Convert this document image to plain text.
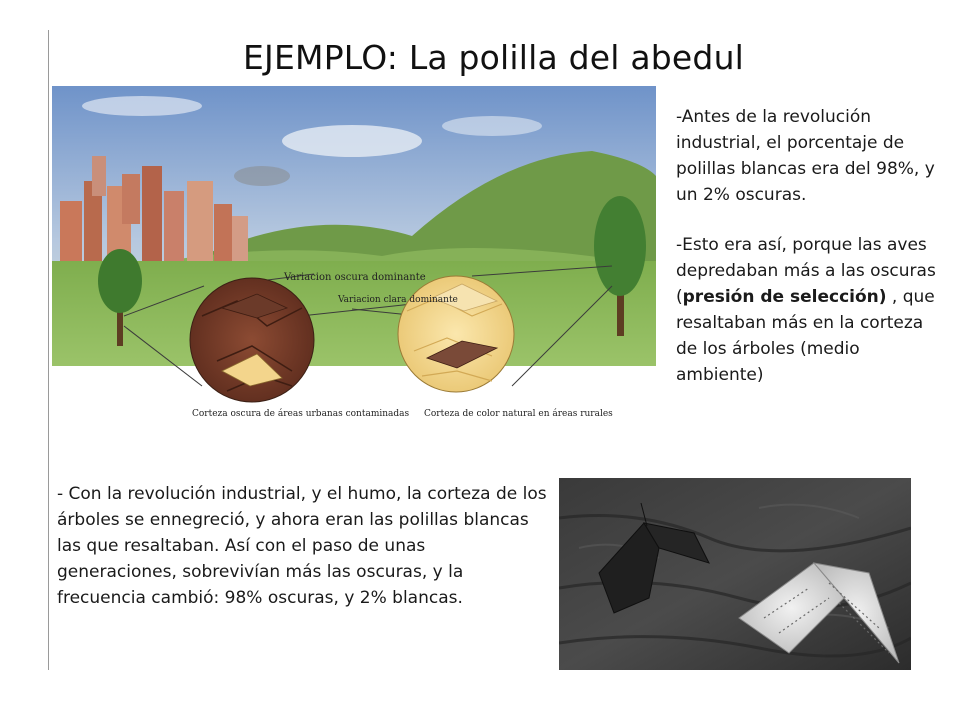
EJEMPLO: La polilla del abedul
Variacion oscura dominante
Variacion clara dominante
Corteza oscura de áreas urbanas contaminadas Corteza de color natural en áreas rurales

-Antes de la revolución industrial, el porcentaje de polillas blancas era del 98%, y un 2% oscuras.

-Esto era así, porque las aves depredaban más a las oscuras (presión de selección) , que resaltaban más en la corteza de los árboles (medio ambiente)

- Con la revolución industrial, y el humo, la corteza de los árboles se ennegreció, y ahora eran las polillas blancas las que resaltaban. Así con el paso de unas generaciones, sobrevivían más las oscuras, y la frecuencia cambió: 98% oscuras, y 2% blancas.
